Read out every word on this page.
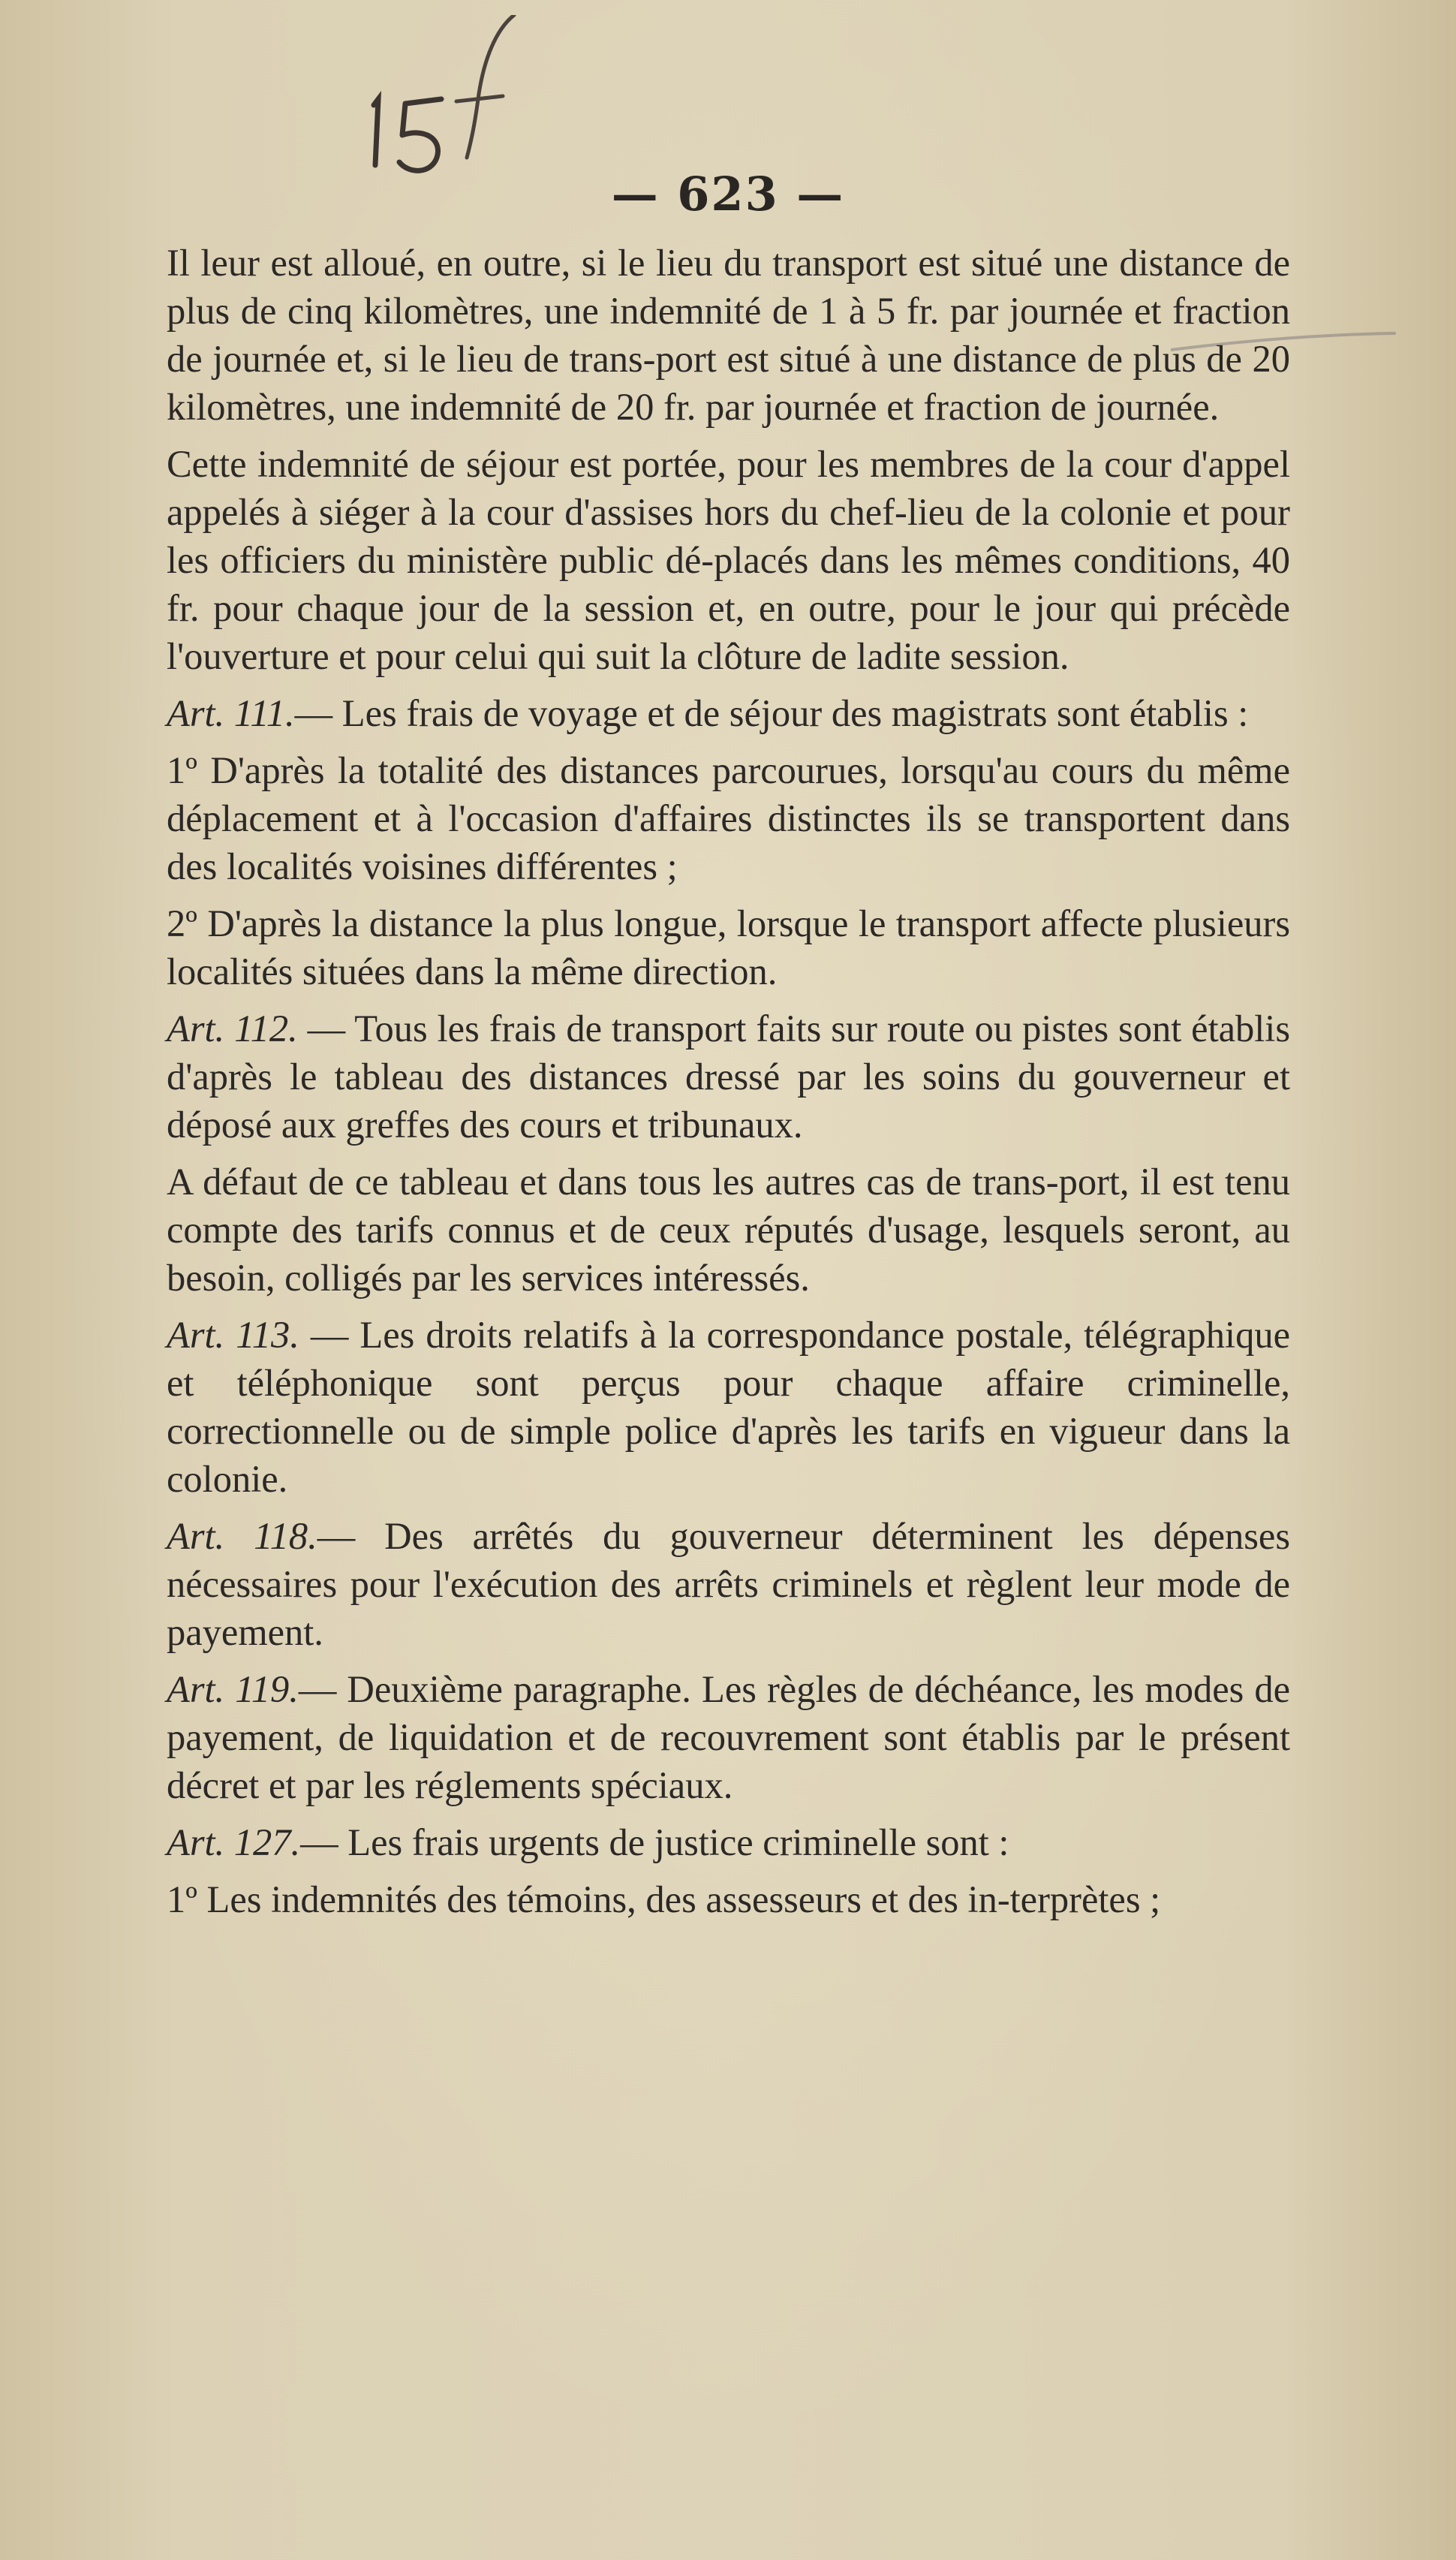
— 623 —

Il leur est alloué, en outre, si le lieu du transport est situé une distance de plus de cinq kilomètres, une indemnité de 1 à 5 fr. par journée et fraction de journée et, si le lieu de trans-port est situé à une distance de plus de 20 kilomètres, une indemnité de 20 fr. par journée et fraction de journée.

Cette indemnité de séjour est portée, pour les membres de la cour d'appel appelés à siéger à la cour d'assises hors du chef-lieu de la colonie et pour les officiers du ministère public dé-placés dans les mêmes conditions, 40 fr. pour chaque jour de la session et, en outre, pour le jour qui précède l'ouverture et pour celui qui suit la clôture de ladite session.

Art. 111.— Les frais de voyage et de séjour des magistrats sont établis :

1º D'après la totalité des distances parcourues, lorsqu'au cours du même déplacement et à l'occasion d'affaires distinctes ils se transportent dans des localités voisines différentes ;

2º D'après la distance la plus longue, lorsque le transport affecte plusieurs localités situées dans la même direction.

Art. 112. — Tous les frais de transport faits sur route ou pistes sont établis d'après le tableau des distances dressé par les soins du gouverneur et déposé aux greffes des cours et tribunaux.

A défaut de ce tableau et dans tous les autres cas de trans-port, il est tenu compte des tarifs connus et de ceux réputés d'usage, lesquels seront, au besoin, colligés par les services intéressés.

Art. 113. — Les droits relatifs à la correspondance postale, télégraphique et téléphonique sont perçus pour chaque affaire criminelle, correctionnelle ou de simple police d'après les tarifs en vigueur dans la colonie.

Art. 118.— Des arrêtés du gouverneur déterminent les dépenses nécessaires pour l'exécution des arrêts criminels et règlent leur mode de payement.

Art. 119.— Deuxième paragraphe. Les règles de déchéance, les modes de payement, de liquidation et de recouvrement sont établis par le présent décret et par les réglements spéciaux.

Art. 127.— Les frais urgents de justice criminelle sont :

1º Les indemnités des témoins, des assesseurs et des in-terprètes ;
